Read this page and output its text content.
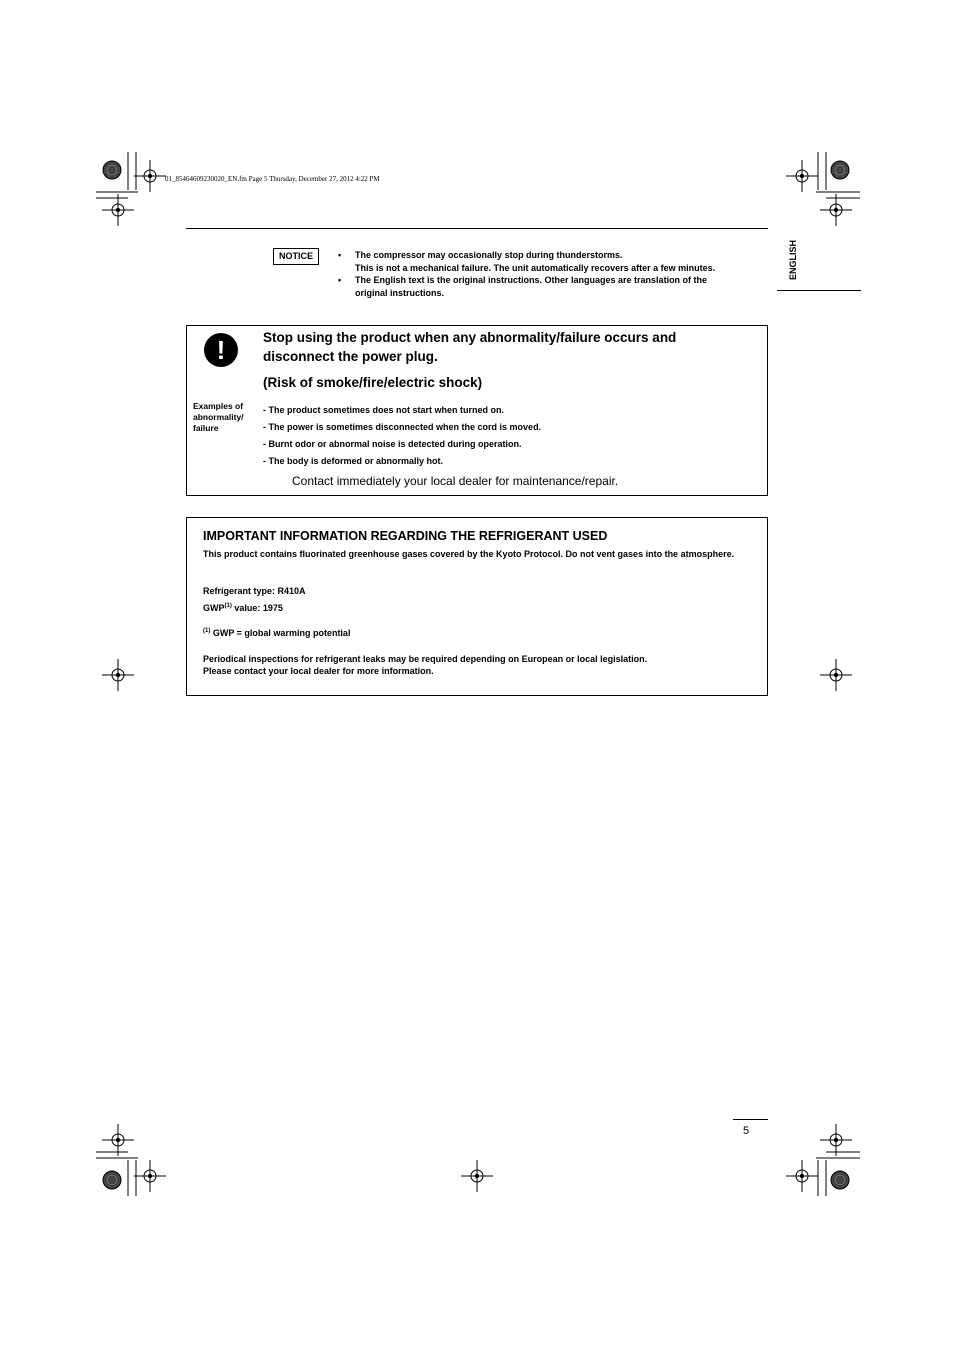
01_85464609230020_EN.fm Page 5 Thursday, December 27, 2012 4:22 PM
ENGLISH
NOTICE
•	The compressor may occasionally stop during thunderstorms.
This is not a mechanical failure. The unit automatically recovers after a few minutes.
• The English text is the original instructions. Other languages are translation of the
original instructions.
!	Stop using the product when any abnormality/failure occurs and disconnect the power plug.
(Risk of smoke/fire/electric shock)
Examples of abnormality/ failure
- The product sometimes does not start when turned on.
- The power is sometimes disconnected when the cord is moved.
- Burnt odor or abnormal noise is detected during operation.
- The body is deformed or abnormally hot.
Contact immediately your local dealer for maintenance/repair.
IMPORTANT INFORMATION REGARDING THE REFRIGERANT USED
This product contains fluorinated greenhouse gases covered by the Kyoto Protocol. Do not vent gases into the atmosphere.
Refrigerant type: R410A
GWP$^{(1)}$ value: 1975
$^{(1)}$ GWP = global warming potential
Periodical inspections for refrigerant leaks may be required depending on European or local legislation.
Please contact your local dealer for more information.
5
